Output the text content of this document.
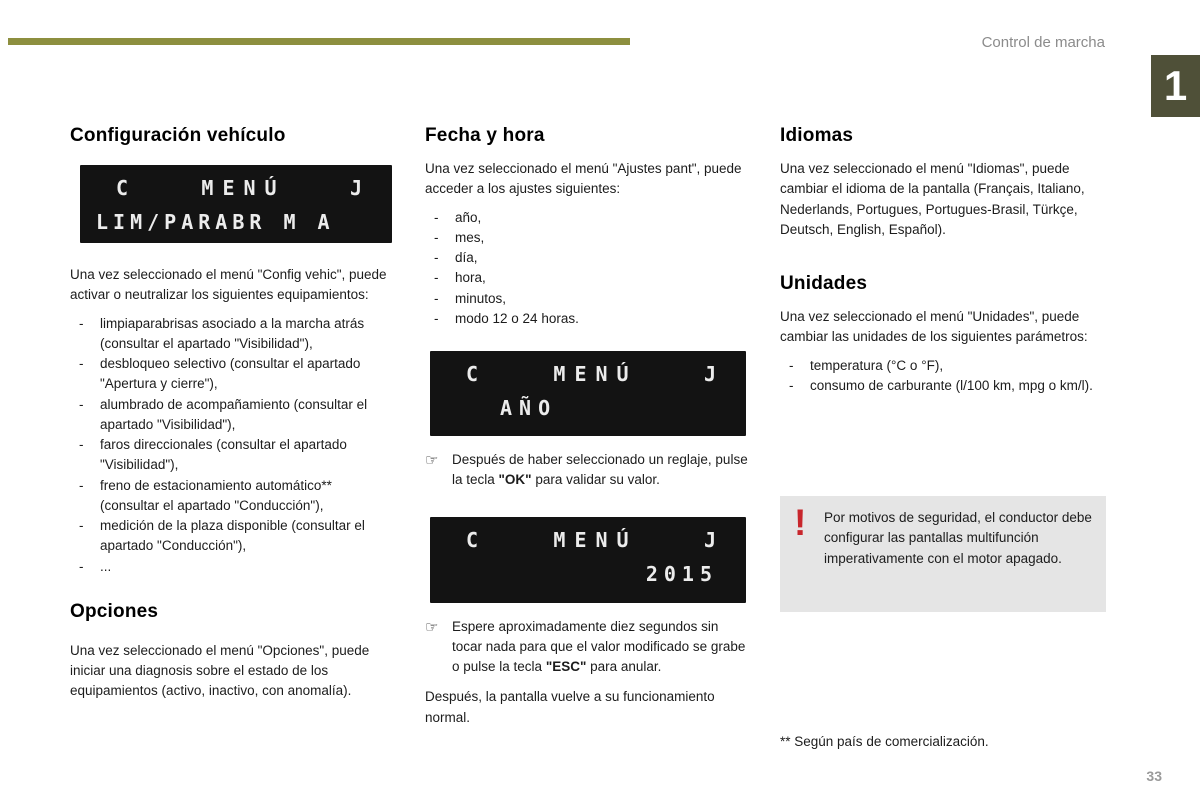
Control de marcha
1
Configuración vehículo
C	MENÚ	J
LIM/PARABR M A

Una vez seleccionado el menú "Config vehic", puede activar o neutralizar los siguientes equipamientos:

- limpiaparabrisas asociado a la marcha atrás (consultar el apartado "Visibilidad"),
- desbloqueo selectivo (consultar el apartado "Apertura y cierre"),
- alumbrado de acompañamiento (consultar el apartado "Visibilidad"),
- faros direccionales (consultar el apartado "Visibilidad"),
- freno de estacionamiento automático** (consultar el apartado "Conducción"),
- medición de la plaza disponible (consultar el apartado "Conducción"),
- ...
Opciones

Una vez seleccionado el menú "Opciones", puede iniciar una diagnosis sobre el estado de los equipamientos (activo, inactivo, con anomalía).

Fecha y hora

Una vez seleccionado el menú "Ajustes pant", puede acceder a los ajustes siguientes:

- año,
- mes,
- día,
- hora,
- minutos,
- modo 12 o 24 horas.
C	MENÚ	J
AÑO
☞	Después de haber seleccionado un reglaje, pulse la tecla "OK" para validar su valor.

C	MENÚ	J
2015
☞	Espere aproximadamente diez segundos sin tocar nada para que el valor modificado se grabe o pulse la tecla "ESC" para anular.

Después, la pantalla vuelve a su funcionamiento normal.

Idiomas

Una vez seleccionado el menú "Idiomas", puede cambiar el idioma de la pantalla (Français, Italiano, Nederlands, Portugues, Portugues-Brasil, Türkçe, Deutsch, English, Español).

Unidades

Una vez seleccionado el menú "Unidades", puede cambiar las unidades de los siguientes parámetros:

- temperatura (°C o °F),
- consumo de carburante (l/100 km, mpg o km/l).
! Por motivos de seguridad, el conductor debe configurar las pantallas multifunción imperativamente con el motor apagado.

** Según país de comercialización.
33
